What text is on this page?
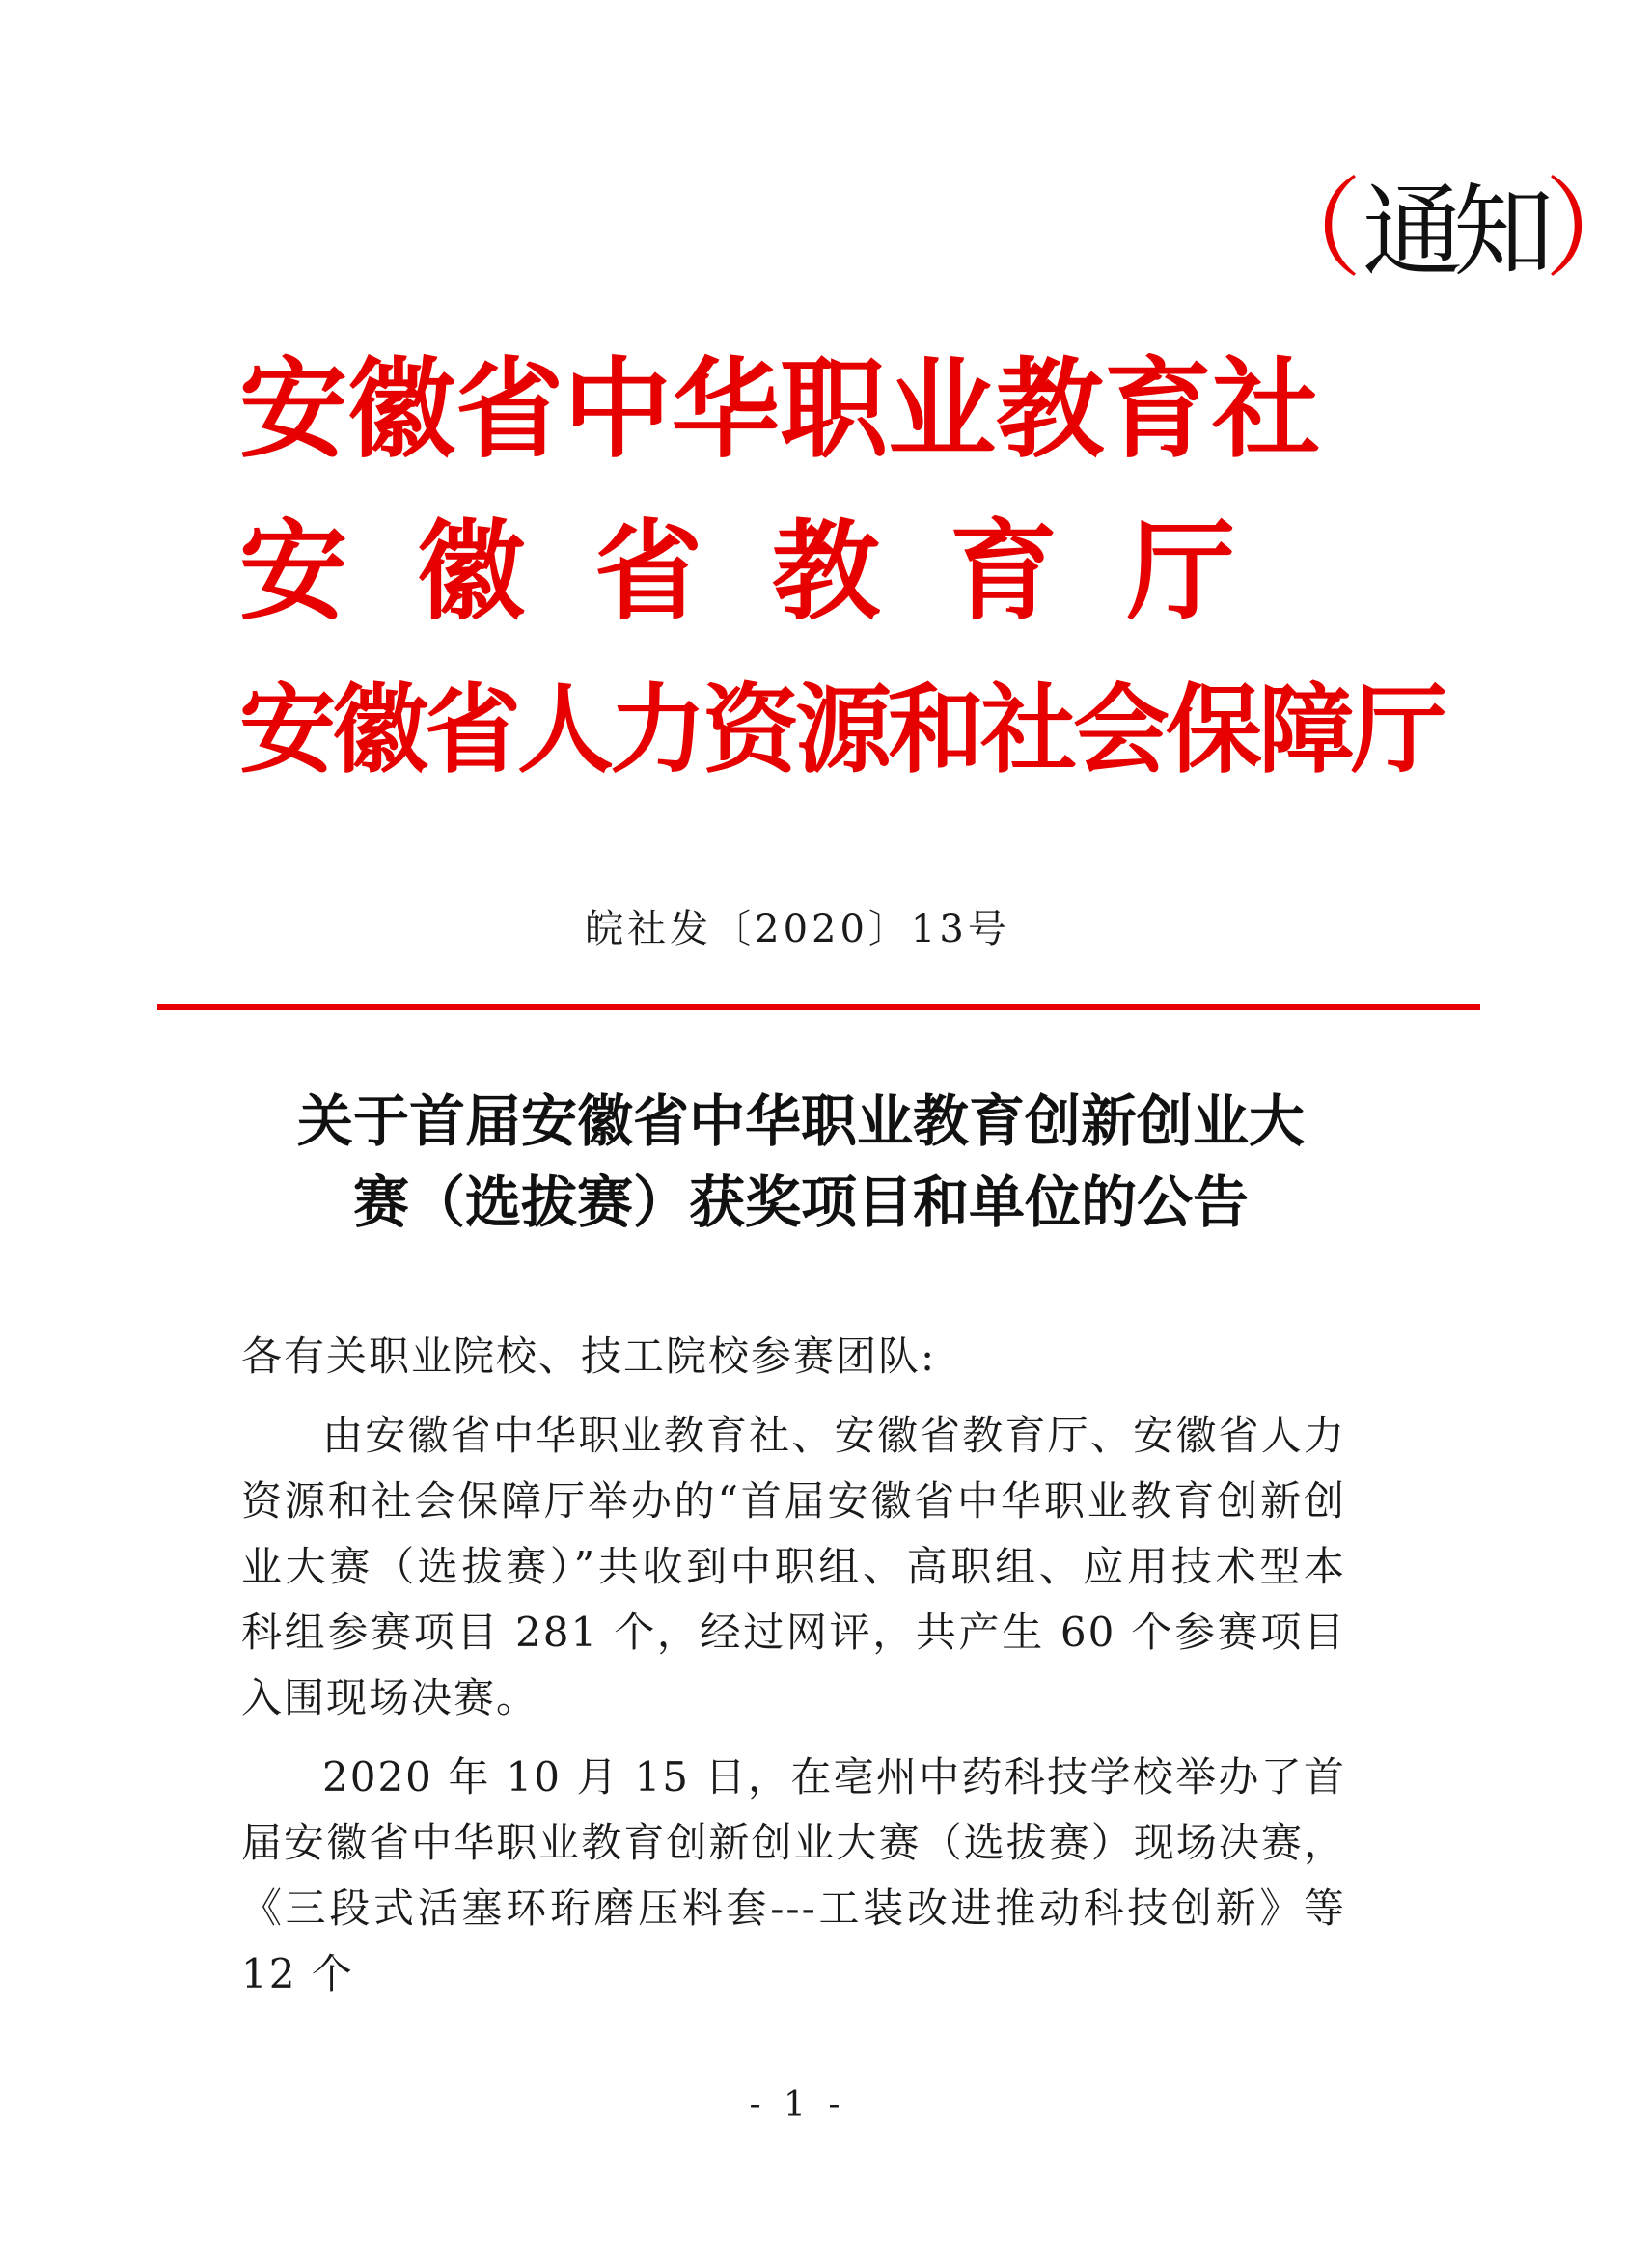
安徽省中华职业教育社
安徽省教育厅
安徽省人力资源和社会保障厅
（通知）
皖社发〔2020〕13号
关于首届安徽省中华职业教育创新创业大
赛（选拔赛）获奖项目和单位的公告

各有关职业院校、技工院校参赛团队:

由安徽省中华职业教育社、安徽省教育厅、安徽省人力资源和社会保障厅举办的“首届安徽省中华职业教育创新创业大赛（选拔赛）”共收到中职组、高职组、应用技术型本科组参赛项目 281 个，经过网评，共产生 60 个参赛项目入围现场决赛。

2020 年 10 月 15 日，在亳州中药科技学校举办了首届安徽省中华职业教育创新创业大赛（选拔赛）现场决赛，《三段式活塞环珩磨压料套---工装改进推动科技创新》等 12 个

- 1 -
